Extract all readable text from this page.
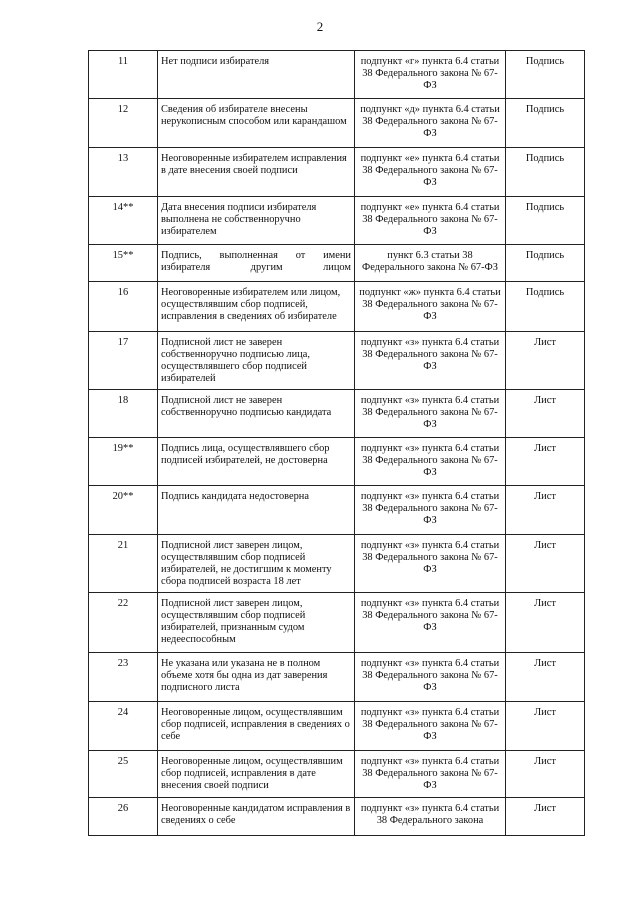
2
11	Нет подписи избирателя	подпункт «г» пункта 6.4 статьи 38 Федерального закона № 67-ФЗ	Подпись
12	Сведения об избирателе внесены нерукописным способом или карандашом	подпункт «д» пункта 6.4 статьи 38 Федерального закона № 67-ФЗ	Подпись
13	Неоговоренные избирателем исправления в дате внесения своей подписи	подпункт «е» пункта 6.4 статьи 38 Федерального закона № 67-ФЗ	Подпись
14**	Дата внесения подписи избирателя выполнена не собственноручно избирателем	подпункт «е» пункта 6.4 статьи 38 Федерального закона № 67-ФЗ	Подпись
15**	Подпись, выполненная от имени избирателя другим лицом	пункт 6.3 статьи 38 Федерального закона № 67-ФЗ	Подпись
16	Неоговоренные избирателем или лицом, осуществлявшим сбор подписей, исправления в сведениях об избирателе	подпункт «ж» пункта 6.4 статьи 38 Федерального закона № 67-ФЗ	Подпись
17	Подписной лист не заверен собственноручно подписью лица, осуществлявшего сбор подписей избирателей	подпункт «з» пункта 6.4 статьи 38 Федерального закона № 67-ФЗ	Лист
18	Подписной лист не заверен собственноручно подписью кандидата	подпункт «з» пункта 6.4 статьи 38 Федерального закона № 67-ФЗ	Лист
19**	Подпись лица, осуществлявшего сбор подписей избирателей, не достоверна	подпункт «з» пункта 6.4 статьи 38 Федерального закона № 67-ФЗ	Лист
20**	Подпись кандидата недостоверна	подпункт «з» пункта 6.4 статьи 38 Федерального закона № 67-ФЗ	Лист
21	Подписной лист заверен лицом, осуществлявшим сбор подписей избирателей, не достигшим к моменту сбора подписей возраста 18 лет	подпункт «з» пункта 6.4 статьи 38 Федерального закона № 67-ФЗ	Лист
22	Подписной лист заверен лицом, осуществлявшим сбор подписей избирателей, признанным судом недееспособным	подпункт «з» пункта 6.4 статьи 38 Федерального закона № 67-ФЗ	Лист
23	Не указана или указана не в полном объеме хотя бы одна из дат заверения подписного листа	подпункт «з» пункта 6.4 статьи 38 Федерального закона № 67-ФЗ	Лист
24	Неоговоренные лицом, осуществлявшим сбор подписей, исправления в сведениях о себе	подпункт «з» пункта 6.4 статьи 38 Федерального закона № 67-ФЗ	Лист
25	Неоговоренные лицом, осуществлявшим сбор подписей, исправления в дате внесения своей подписи	подпункт «з» пункта 6.4 статьи 38 Федерального закона № 67-ФЗ	Лист
26	Неоговоренные кандидатом исправления в сведениях о себе	подпункт «з» пункта 6.4 статьи 38 Федерального закона	Лист
